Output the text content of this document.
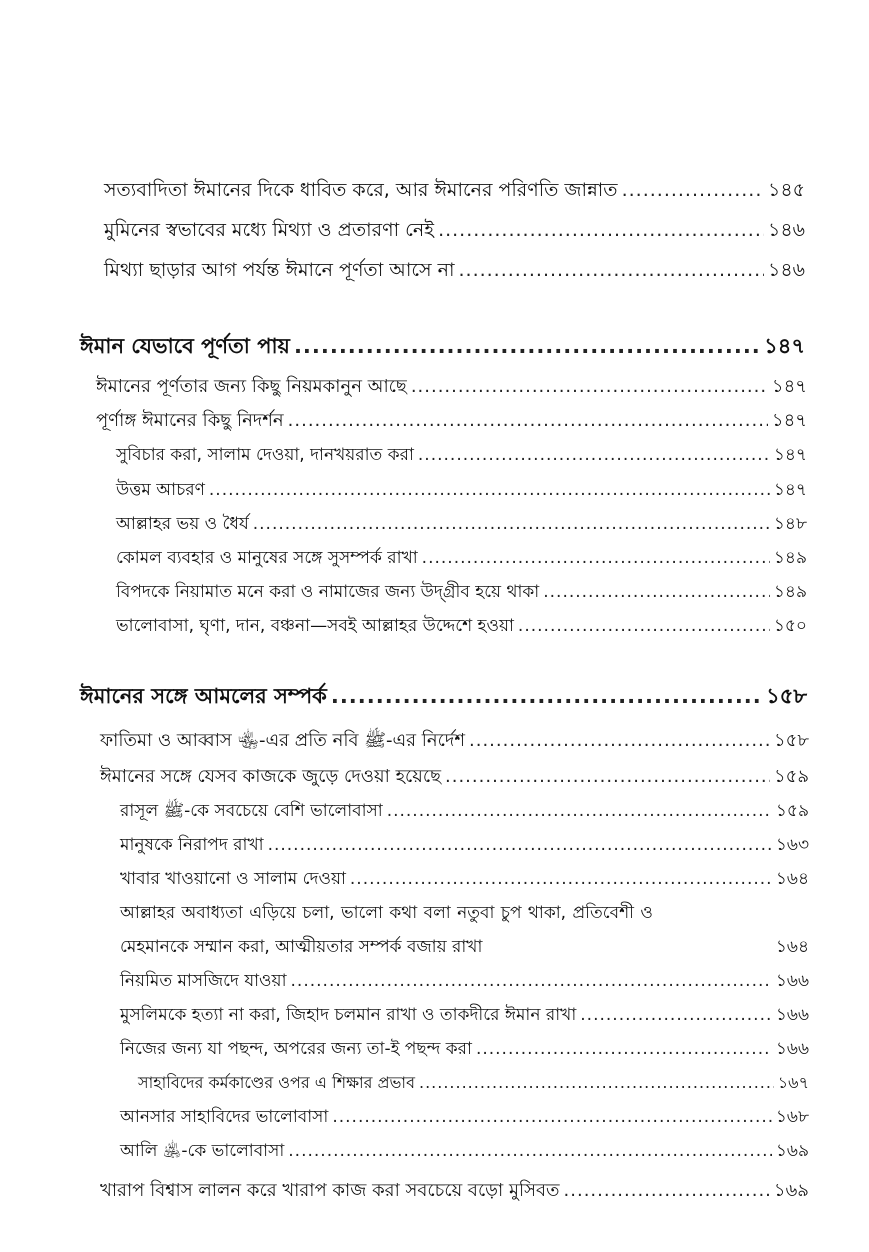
সত্যবাদিতা ঈমানের দিকে ধাবিত করে, আর ঈমানের পরিণতি জান্নাত .....	১৪৫
মুমিনের স্বভাবের মধ্যে মিথ্যা ও প্রতারণা নেই .....	১৪৬
মিথ্যা ছাড়ার আগ পর্যন্ত ঈমানে পূর্ণতা আসে না .....	১৪৬
ঈমান যেভাবে পূর্ণতা পায় .....	১৪৭
ঈমানের পূর্ণতার জন্য কিছু নিয়মকানুন আছে .....	১৪৭
পূর্ণাঙ্গ ঈমানের কিছু নিদর্শন .....	১৪৭
সুবিচার করা, সালাম দেওয়া, দানখয়রাত করা .....	১৪৭
উত্তম আচরণ .....	১৪৭
আল্লাহর ভয় ও ধৈর্য .....	১৪৮
কোমল ব্যবহার ও মানুষের সঙ্গে সুসম্পর্ক রাখা .....	১৪৯
বিপদকে নিয়ামাত মনে করা ও নামাজের জন্য উদ্‌গ্রীব হয়ে থাকা .....	১৪৯
ভালোবাসা, ঘৃণা, দান, বঞ্চনা—সবই আল্লাহর উদ্দেশে হওয়া .....	১৫০
ঈমানের সঙ্গে আমলের সম্পর্ক .....	১৫৮
ফাতিমা ও আব্বাস ﵄-এর প্রতি নবি ﷺ-এর নির্দেশ .....	১৫৮
ঈমানের সঙ্গে যেসব কাজকে জুড়ে দেওয়া হয়েছে .....	১৫৯
রাসূল ﷺ-কে সবচেয়ে বেশি ভালোবাসা .....	১৫৯
মানুষকে নিরাপদ রাখা .....	১৬৩
খাবার খাওয়ানো ও সালাম দেওয়া .....	১৬৪
আল্লাহর অবাধ্যতা এড়িয়ে চলা, ভালো কথা বলা নতুবা চুপ থাকা, প্রতিবেশী ও
মেহমানকে সম্মান করা, আত্মীয়তার সম্পর্ক বজায় রাখা	১৬৪
নিয়মিত মাসজিদে যাওয়া .....	১৬৬
মুসলিমকে হত্যা না করা, জিহাদ চলমান রাখা ও তাকদীরে ঈমান রাখা .....	১৬৬
নিজের জন্য যা পছন্দ, অপরের জন্য তা-ই পছন্দ করা .....	১৬৬
সাহাবিদের কর্মকাণ্ডের ওপর এ শিক্ষার প্রভাব .....	১৬৭
আনসার সাহাবিদের ভালোবাসা .....	১৬৮
আলি ﵁-কে ভালোবাসা .....	১৬৯
খারাপ বিশ্বাস লালন করে খারাপ কাজ করা সবচেয়ে বড়ো মুসিবত .....	১৬৯
